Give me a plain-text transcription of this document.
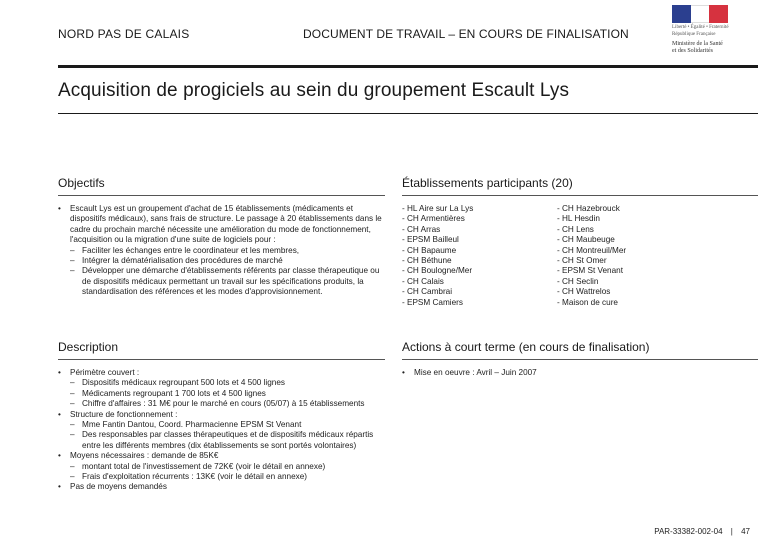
NORD PAS DE CALAIS	DOCUMENT DE TRAVAIL – EN COURS DE FINALISATION	Liberté • Égalité • Fraternité
République Française
Ministère de la Santé
et des Solidarités
Acquisition de progiciels au sein du groupement Escault Lys
Objectifs
• Escault Lys est un groupement d'achat de 15 établissements (médicaments et dispositifs médicaux), sans frais de structure. Le passage à 20 établissements dans le cadre du prochain marché nécessite une amélioration du mode de fonctionnement, l'acquisition ou la migration d'une suite de logiciels pour :
– Faciliter les échanges entre le coordinateur et les membres,
– Intégrer la dématérialisation des procédures de marché
– Développer une démarche d'établissements référents par classe thérapeutique ou de dispositifs médicaux permettant un travail sur les spécifications produits, la standardisation des références et les modes d'approvisionnement.
Établissements participants (20)
- HL Aire sur La Lys
- CH Armentières
- CH Arras
- EPSM Bailleul
- CH Bapaume
- CH Béthune
- CH Boulogne/Mer
- CH Calais
- CH Cambrai
- EPSM Camiers
- CH Hazebrouck
- HL Hesdin
- CH Lens
- CH Maubeuge
- CH Montreuil/Mer
- CH St Omer
- EPSM St Venant
- CH Seclin
- CH Wattrelos
- Maison de cure
Description
• Périmètre couvert :
– Dispositifs médicaux regroupant 500 lots et 4 500 lignes
– Médicaments regroupant 1 700 lots et 4 500 lignes
– Chiffre d'affaires : 31 M€ pour le marché en cours (05/07) à 15 établissements
• Structure de fonctionnement :
– Mme Fantin Dantou, Coord. Pharmacienne EPSM St Venant
– Des responsables par classes thérapeutiques et de dispositifs médicaux répartis entre les différents membres (dix établissements se sont portés volontaires)
• Moyens nécessaires : demande de 85K€
– montant total de l'investissement de 72K€ (voir le détail en annexe)
– Frais d'exploitation récurrents : 13K€ (voir le détail en annexe)
• Pas de moyens demandés
Actions à court terme (en cours de finalisation)
• Mise en oeuvre : Avril – Juin 2007
PAR-33382-002-04 | 47
